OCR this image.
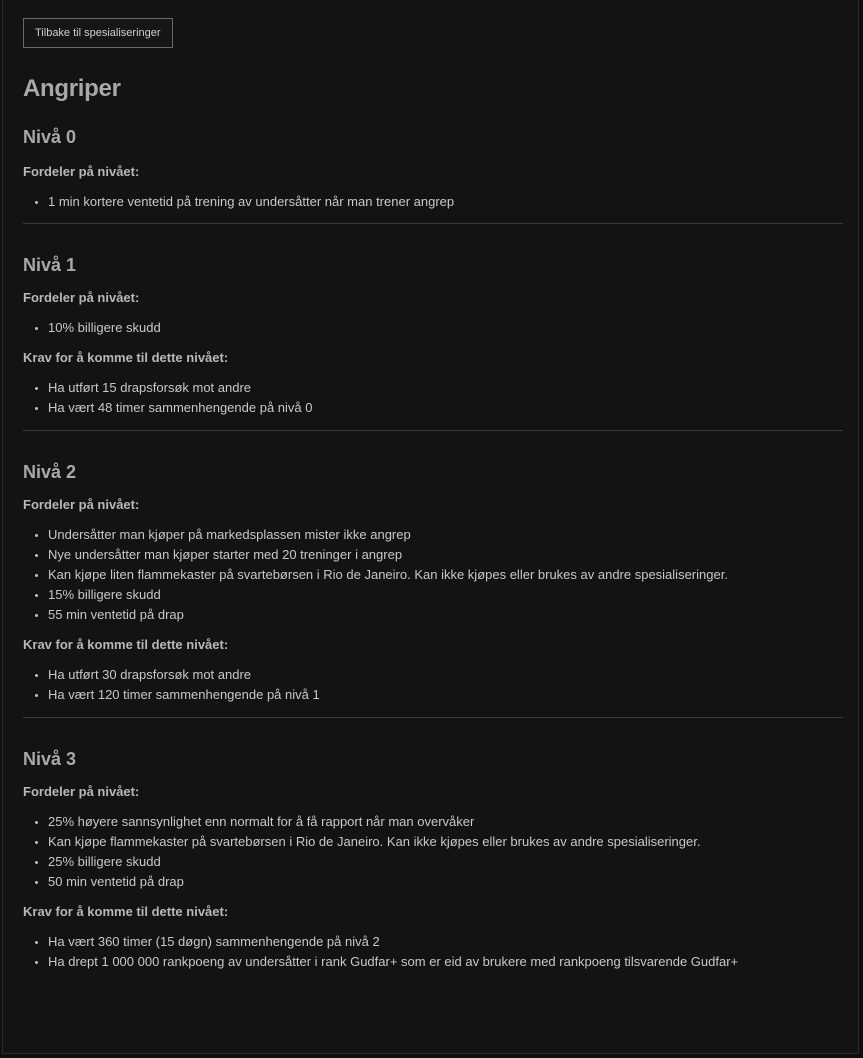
Tilbake til spesialiseringer
Angriper
Nivå 0
Fordeler på nivået:
• 1 min kortere ventetid på trening av undersåtter når man trener angrep
Nivå 1
Fordeler på nivået:
• 10% billigere skudd
Krav for å komme til dette nivået:
• Ha utført 15 drapsforsøk mot andre
• Ha vært 48 timer sammenhengende på nivå 0
Nivå 2
Fordeler på nivået:
• Undersåtter man kjøper på markedsplassen mister ikke angrep
• Nye undersåtter man kjøper starter med 20 treninger i angrep
• Kan kjøpe liten flammekaster på svartebørsen i Rio de Janeiro. Kan ikke kjøpes eller brukes av andre spesialiseringer.
• 15% billigere skudd
• 55 min ventetid på drap
Krav for å komme til dette nivået:
• Ha utført 30 drapsforsøk mot andre
• Ha vært 120 timer sammenhengende på nivå 1
Nivå 3
Fordeler på nivået:
• 25% høyere sannsynlighet enn normalt for å få rapport når man overvåker
• Kan kjøpe flammekaster på svartebørsen i Rio de Janeiro. Kan ikke kjøpes eller brukes av andre spesialiseringer.
• 25% billigere skudd
• 50 min ventetid på drap
Krav for å komme til dette nivået:
• Ha vært 360 timer (15 døgn) sammenhengende på nivå 2
• Ha drept 1 000 000 rankpoeng av undersåtter i rank Gudfar+ som er eid av brukere med rankpoeng tilsvarende Gudfar+
